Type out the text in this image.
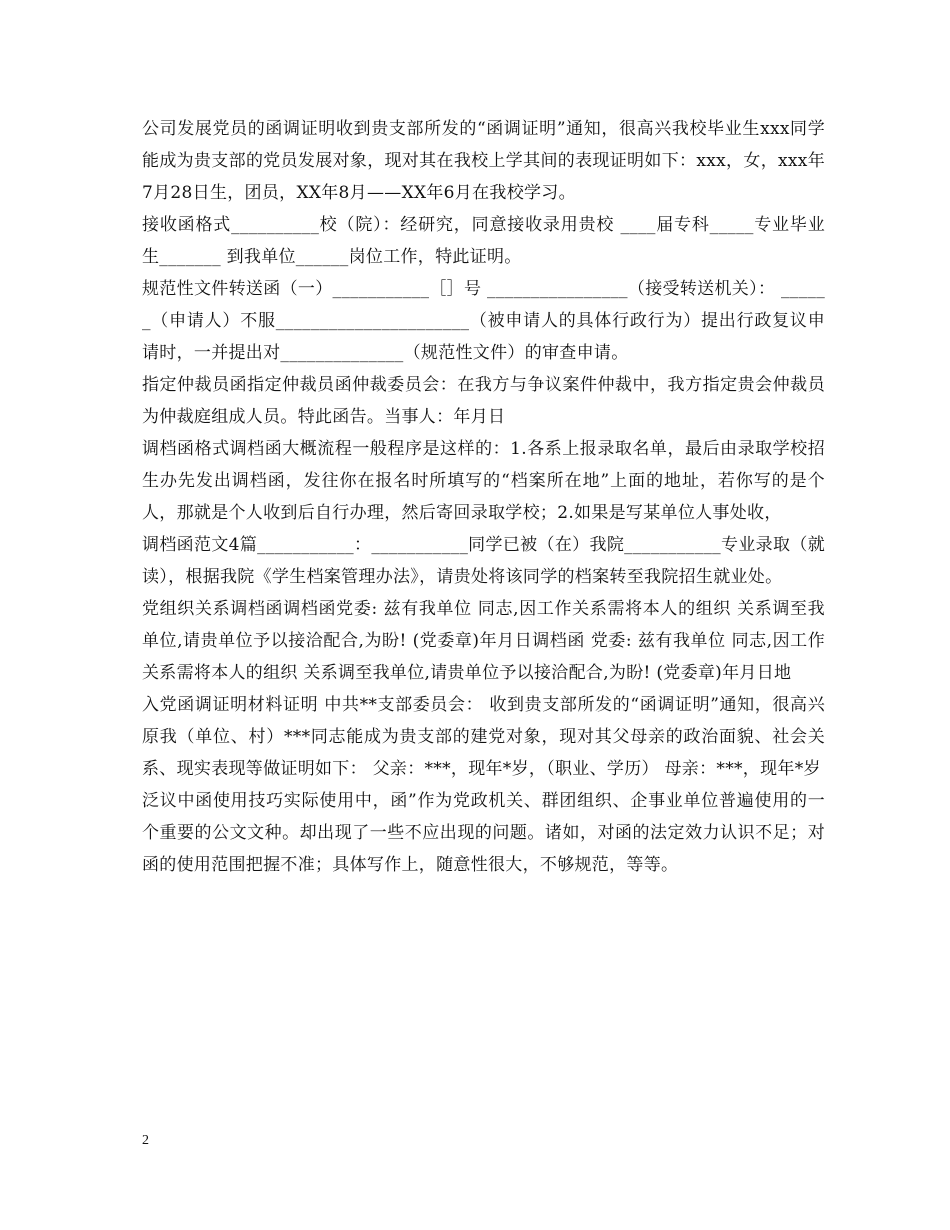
公司发展党员的函调证明收到贵支部所发的“函调证明”通知，很高兴我校毕业生xxx同学能成为贵支部的党员发展对象，现对其在我校上学其间的表现证明如下：xxx，女，xxx年7月28日生，团员，XX年8月——XX年6月在我校学习。

接收函格式__________校（院）：经研究，同意接收录用贵校 ____届专科_____专业毕业生_______ 到我单位______岗位工作，特此证明。

规范性文件转送函（一）___________［］号 ________________（接受转送机关）： ______（申请人）不服______________________（被申请人的具体行政行为）提出行政复议申请时，一并提出对______________（规范性文件）的审查申请。

指定仲裁员函指定仲裁员函仲裁委员会：在我方与争议案件仲裁中，我方指定贵会仲裁员为仲裁庭组成人员。特此函告。当事人：年月日

调档函格式调档函大概流程一般程序是这样的：1.各系上报录取名单，最后由录取学校招生办先发出调档函，发往你在报名时所填写的“档案所在地”上面的地址，若你写的是个人，那就是个人收到后自行办理，然后寄回录取学校；2.如果是写某单位人事处收，

调档函范文4篇___________：___________同学已被（在）我院___________专业录取（就读），根据我院《学生档案管理办法》，请贵处将该同学的档案转至我院招生就业处。

党组织关系调档函调档函党委: 兹有我单位 同志,因工作关系需将本人的组织 关系调至我单位,请贵单位予以接洽配合,为盼! (党委章)年月日调档函 党委: 兹有我单位 同志,因工作关系需将本人的组织 关系调至我单位,请贵单位予以接洽配合,为盼! (党委章)年月日地

入党函调证明材料证明 中共**支部委员会： 收到贵支部所发的“函调证明”通知，很高兴原我（单位、村）***同志能成为贵支部的建党对象，现对其父母亲的政治面貌、社会关系、现实表现等做证明如下： 父亲：***，现年*岁，（职业、学历） 母亲：***，现年*岁

泛议中函使用技巧实际使用中，函”作为党政机关、群团组织、企事业单位普遍使用的一个重要的公文文种。却出现了一些不应出现的问题。诸如，对函的法定效力认识不足；对函的使用范围把握不准；具体写作上，随意性很大，不够规范，等等。

2
